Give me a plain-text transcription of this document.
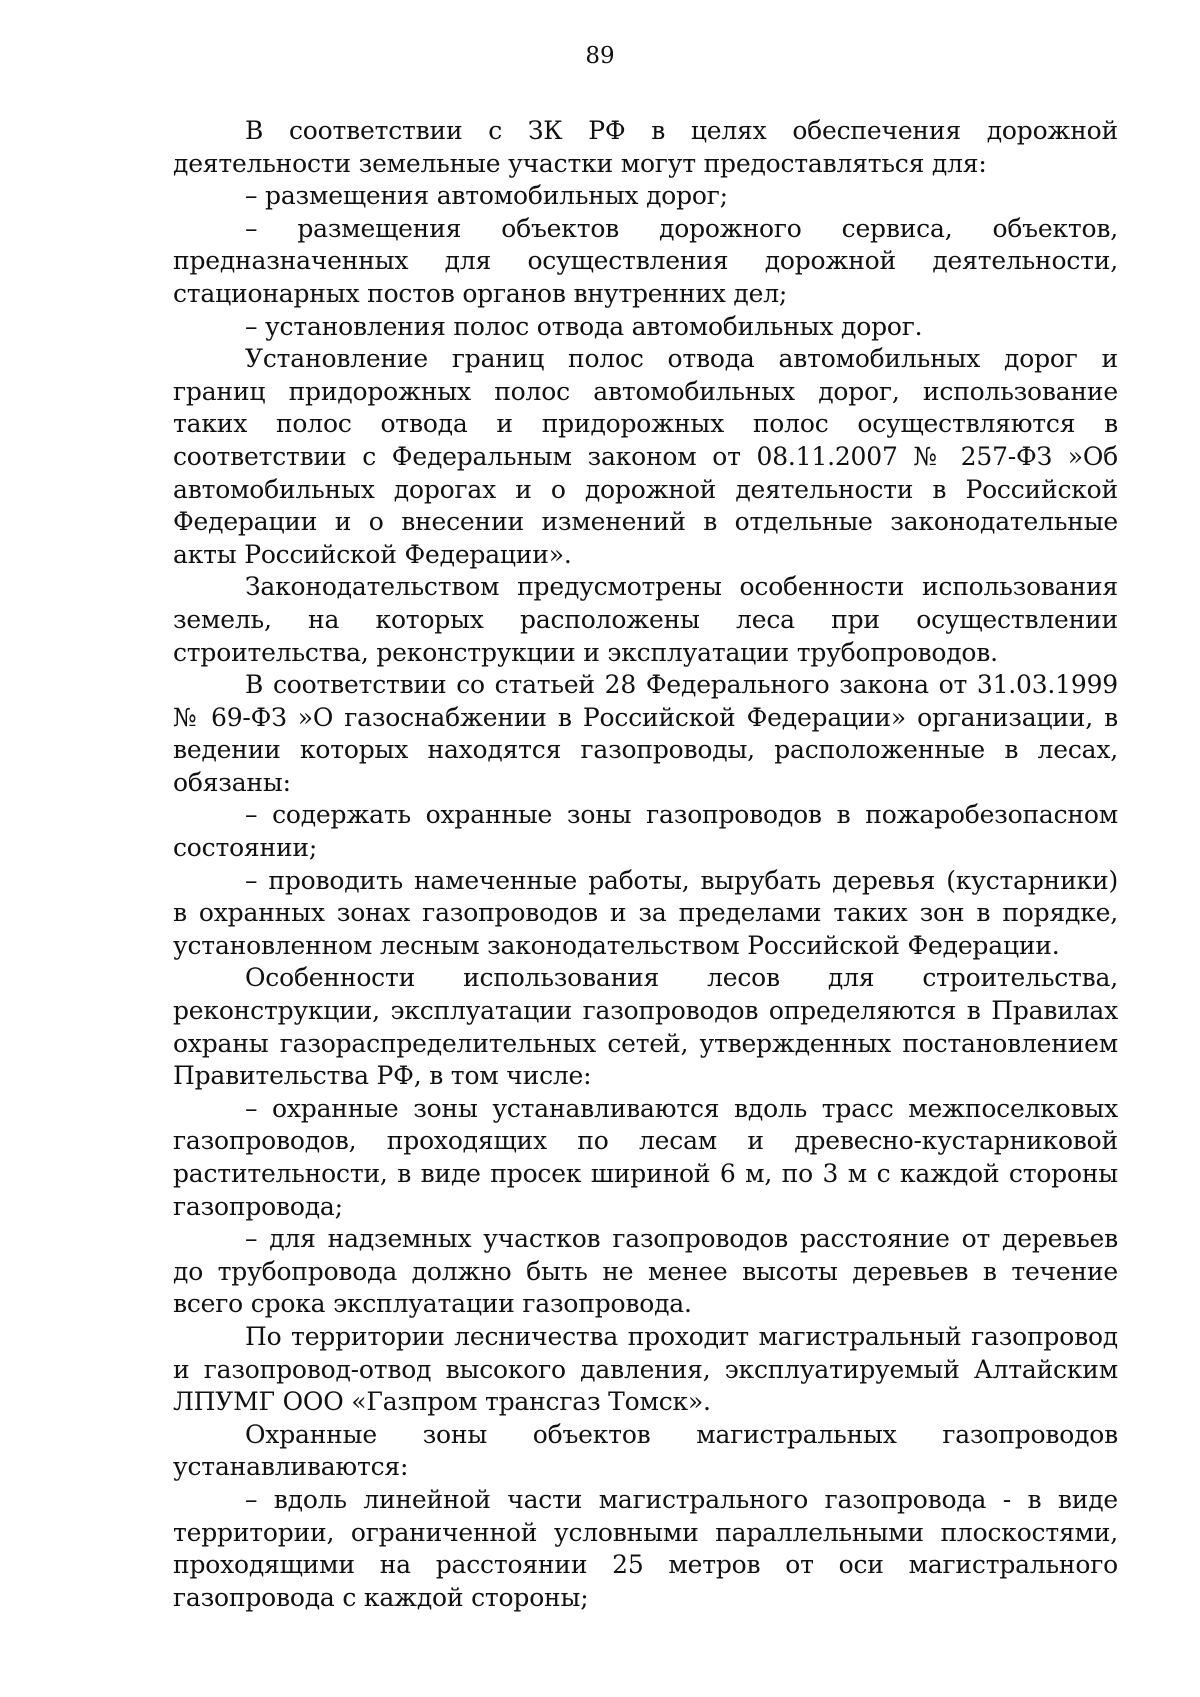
89

В соответствии с ЗК РФ в целях обеспечения дорожной деятельности земельные участки могут предоставляться для:

– размещения автомобильных дорог;

– размещения объектов дорожного сервиса, объектов, предназначенных для осуществления дорожной деятельности, стационарных постов органов внутренних дел;

– установления полос отвода автомобильных дорог.

Установление границ полос отвода автомобильных дорог и границ придорожных полос автомобильных дорог, использование таких полос отвода и придорожных полос осуществляются в соответствии с Федеральным законом от 08.11.2007 № 257-ФЗ »Об автомобильных дорогах и о дорожной деятельности в Российской Федерации и о внесении изменений в отдельные законодательные акты Российской Федерации».

Законодательством предусмотрены особенности использования земель, на которых расположены леса при осуществлении строительства, реконструкции и эксплуатации трубопроводов.

В соответствии со статьей 28 Федерального закона от 31.03.1999 № 69-ФЗ »О газоснабжении в Российской Федерации» организации, в ведении которых находятся газопроводы, расположенные в лесах, обязаны:

– содержать охранные зоны газопроводов в пожаробезопасном состоянии;

– проводить намеченные работы, вырубать деревья (кустарники) в охранных зонах газопроводов и за пределами таких зон в порядке, установленном лесным законодательством Российской Федерации.

Особенности использования лесов для строительства, реконструкции, эксплуатации газопроводов определяются в Правилах охраны газораспределительных сетей, утвержденных постановлением Правительства РФ, в том числе:

– охранные зоны устанавливаются вдоль трасс межпоселковых газопроводов, проходящих по лесам и древесно-кустарниковой растительности, в виде просек шириной 6 м, по 3 м с каждой стороны газопровода;

– для надземных участков газопроводов расстояние от деревьев до трубопровода должно быть не менее высоты деревьев в течение всего срока эксплуатации газопровода.

По территории лесничества проходит магистральный газопровод и газопровод-отвод высокого давления, эксплуатируемый Алтайским ЛПУМГ ООО «Газпром трансгаз Томск».

Охранные зоны объектов магистральных газопроводов устанавливаются:

– вдоль линейной части магистрального газопровода - в виде территории, ограниченной условными параллельными плоскостями, проходящими на расстоянии 25 метров от оси магистрального газопровода с каждой стороны;
